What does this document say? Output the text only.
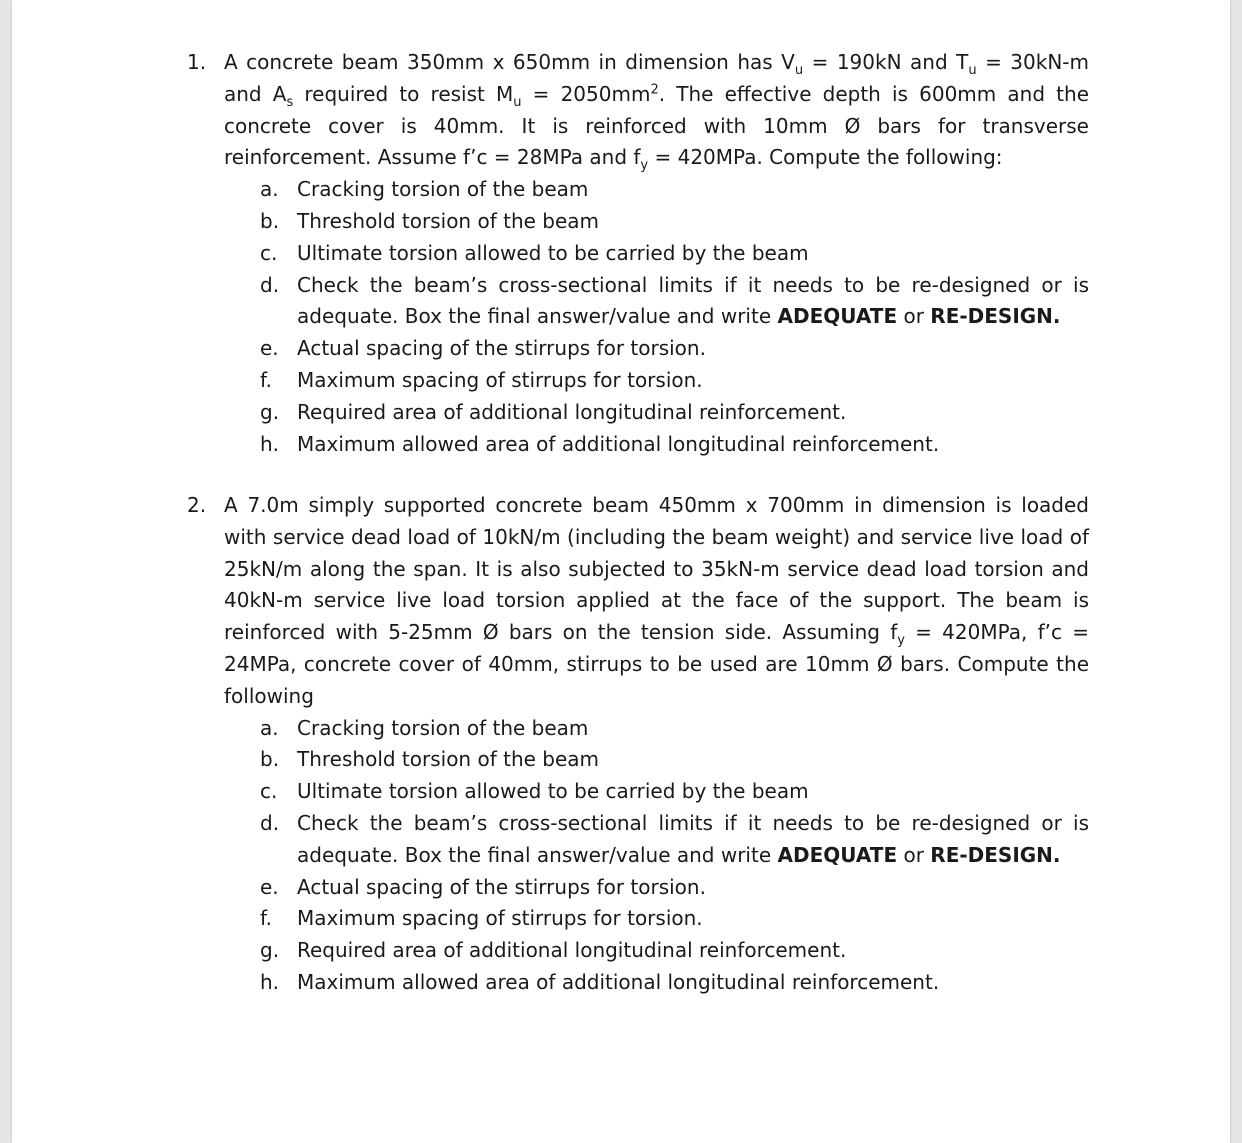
1. A concrete beam 350mm x 650mm in dimension has $V_u = 190kN$ and $T_u = 30kN-m$ and $A_s$ required to resist $M_u = 2050mm^2$. The effective depth is 600mm and the concrete cover is 40mm. It is reinforced with 10mm Ø bars for transverse reinforcement. Assume f’c = 28MPa and $f_y = 420MPa$. Compute the following:

a. Cracking torsion of the beam
b. Threshold torsion of the beam
c. Ultimate torsion allowed to be carried by the beam
d. Check the beam’s cross-sectional limits if it needs to be re-designed or is adequate. Box the final answer/value and write ADEQUATE or RE-DESIGN.
e. Actual spacing of the stirrups for torsion.
f. Maximum spacing of stirrups for torsion.
g. Required area of additional longitudinal reinforcement.
h. Maximum allowed area of additional longitudinal reinforcement.
2. A 7.0m simply supported concrete beam 450mm x 700mm in dimension is loaded with service dead load of 10kN/m (including the beam weight) and service live load of 25kN/m along the span. It is also subjected to 35kN-m service dead load torsion and 40kN-m service live load torsion applied at the face of the support. The beam is reinforced with 5-25mm Ø bars on the tension side. Assuming $f_y = 420MPa$, f’c = 24MPa, concrete cover of 40mm, stirrups to be used are 10mm Ø bars. Compute the following

a. Cracking torsion of the beam
b. Threshold torsion of the beam
c. Ultimate torsion allowed to be carried by the beam
d. Check the beam’s cross-sectional limits if it needs to be re-designed or is adequate. Box the final answer/value and write ADEQUATE or RE-DESIGN.
e. Actual spacing of the stirrups for torsion.
f. Maximum spacing of stirrups for torsion.
g. Required area of additional longitudinal reinforcement.
h. Maximum allowed area of additional longitudinal reinforcement.
